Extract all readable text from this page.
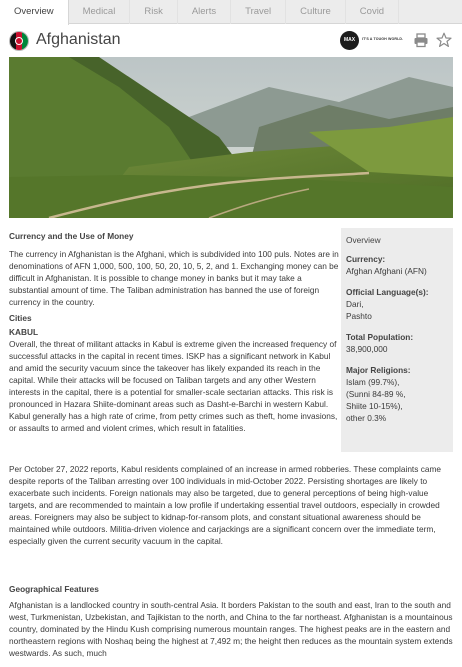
Overview	Medical	Risk	Alerts	Travel	Culture	Covid
Afghanistan	MAX	IT'S A TOUGH WORLD.
Currency and the Use of Money
The currency in Afghanistan is the Afghani, which is subdivided into 100 puls. Notes are in denominations of AFN 1,000, 500, 100, 50, 20, 10, 5, 2, and 1. Exchanging money can be difficult in Afghanistan. It is possible to change money in banks but it may take a substantial amount of time. The Taliban administration has banned the use of foreign currency in the country.
Cities
KABUL
Overall, the threat of militant attacks in Kabul is extreme given the increased frequency of successful attacks in the capital in recent times. ISKP has a significant network in Kabul and amid the security vacuum since the takeover has likely expanded its reach in the capital. While their attacks will be focused on Taliban targets and any other Western interests in the capital, there is a potential for smaller-scale sectarian attacks. This risk is pronounced in Hazara Shiite-dominant areas such as Dasht-e-Barchi in western Kabul. Kabul generally has a high rate of crime, from petty crimes such as theft, home invasions, or assaults to armed and violent crimes, which result in fatalities.
Per October 27, 2022 reports, Kabul residents complained of an increase in armed robberies. These complaints came despite reports of the Taliban arresting over 100 individuals in mid-October 2022. Persisting shortages are likely to exacerbate such incidents. Foreign nationals may also be targeted, due to general perceptions of being high-value targets, and are recommended to maintain a low profile if undertaking essential travel outdoors, especially in crowded areas. Foreigners may also be subject to kidnap-for-ransom plots, and constant situational awareness should be maintained while outdoors. Militia-driven violence and carjackings are a significant concern over the immediate term, especially given the current security vacuum in the capital.
Geographical Features
Afghanistan is a landlocked country in south-central Asia. It borders Pakistan to the south and east, Iran to the south and west, Turkmenistan, Uzbekistan, and Tajikistan to the north, and China to the far northeast. Afghanistan is a mountainous country, dominated by the Hindu Kush comprising numerous mountain ranges. The highest peaks are in the eastern and northeastern regions with Noshaq being the highest at 7,492 m; the height then reduces as the mountain system extends westwards. As such, much
Overview
Currency:
Afghan Afghani (AFN)
Official Language(s):
Dari,
Pashto
Total Population:
38,900,000
Major Religions:
Islam (99.7%),
(Sunni 84-89 %,
Shiite 10-15%),
other 0.3%
